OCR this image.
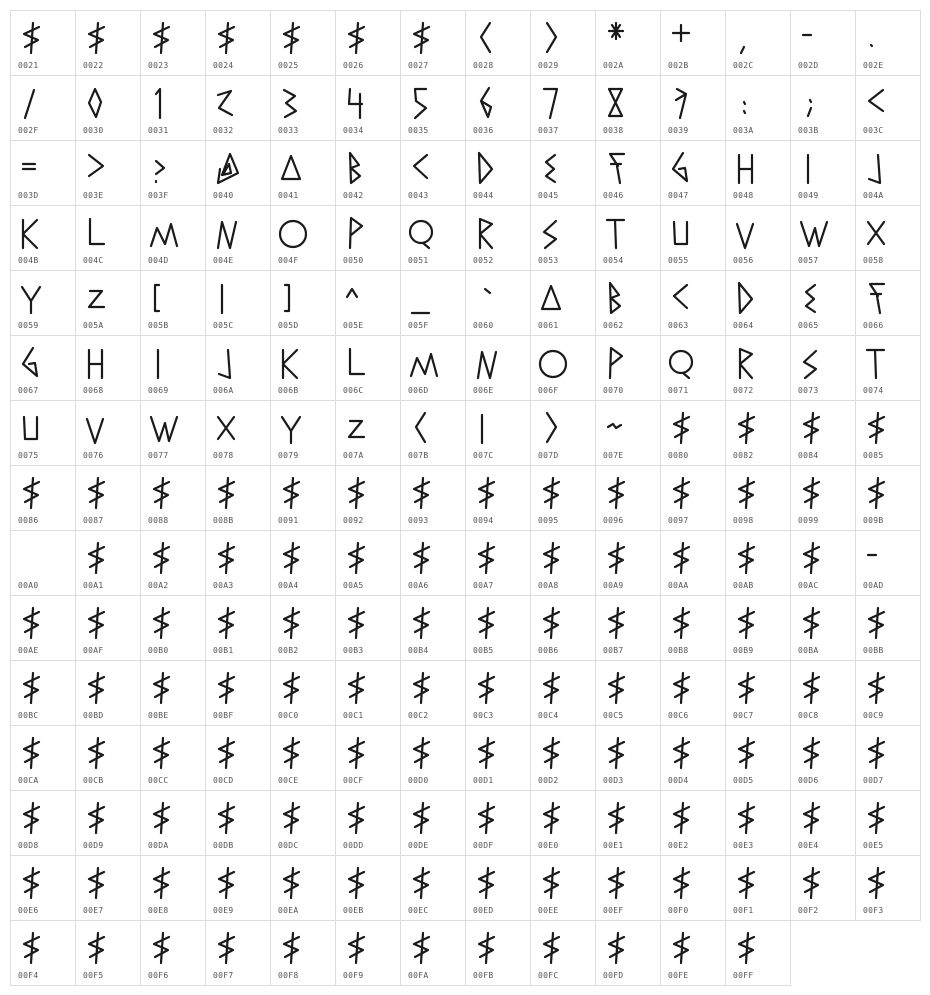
0021	0022	0023	0024	0025	0026	0027	0028	0029	002A	002B	002C	002D	002E
002F	0030	0031	0032	0033	0034	0035	0036	0037	0038	0039	003A	003B	003C
003D	003E	003F	0040	0041	0042	0043	0044	0045	0046	0047	0048	0049	004A
004B	004C	004D	004E	004F	0050	0051	0052	0053	0054	0055	0056	0057	0058
0059	005A	005B	005C	005D	005E	005F	0060	0061	0062	0063	0064	0065	0066
0067	0068	0069	006A	006B	006C	006D	006E	006F	0070	0071	0072	0073	0074
0075	0076	0077	0078	0079	007A	007B	007C	007D	007E	0080	0082	0084	0085
0086	0087	0088	008B	0091	0092	0093	0094	0095	0096	0097	0098	0099	009B
00A0	00A1	00A2	00A3	00A4	00A5	00A6	00A7	00A8	00A9	00AA	00AB	00AC	00AD
00AE	00AF	00B0	00B1	00B2	00B3	00B4	00B5	00B6	00B7	00B8	00B9	00BA	00BB
00BC	00BD	00BE	00BF	00C0	00C1	00C2	00C3	00C4	00C5	00C6	00C7	00C8	00C9
00CA	00CB	00CC	00CD	00CE	00CF	00D0	00D1	00D2	00D3	00D4	00D5	00D6	00D7
00D8	00D9	00DA	00DB	00DC	00DD	00DE	00DF	00E0	00E1	00E2	00E3	00E4	00E5
00E6	00E7	00E8	00E9	00EA	00EB	00EC	00ED	00EE	00EF	00F0	00F1	00F2	00F3
00F4	00F5	00F6	00F7	00F8	00F9	00FA	00FB	00FC	00FD	00FE	00FF
